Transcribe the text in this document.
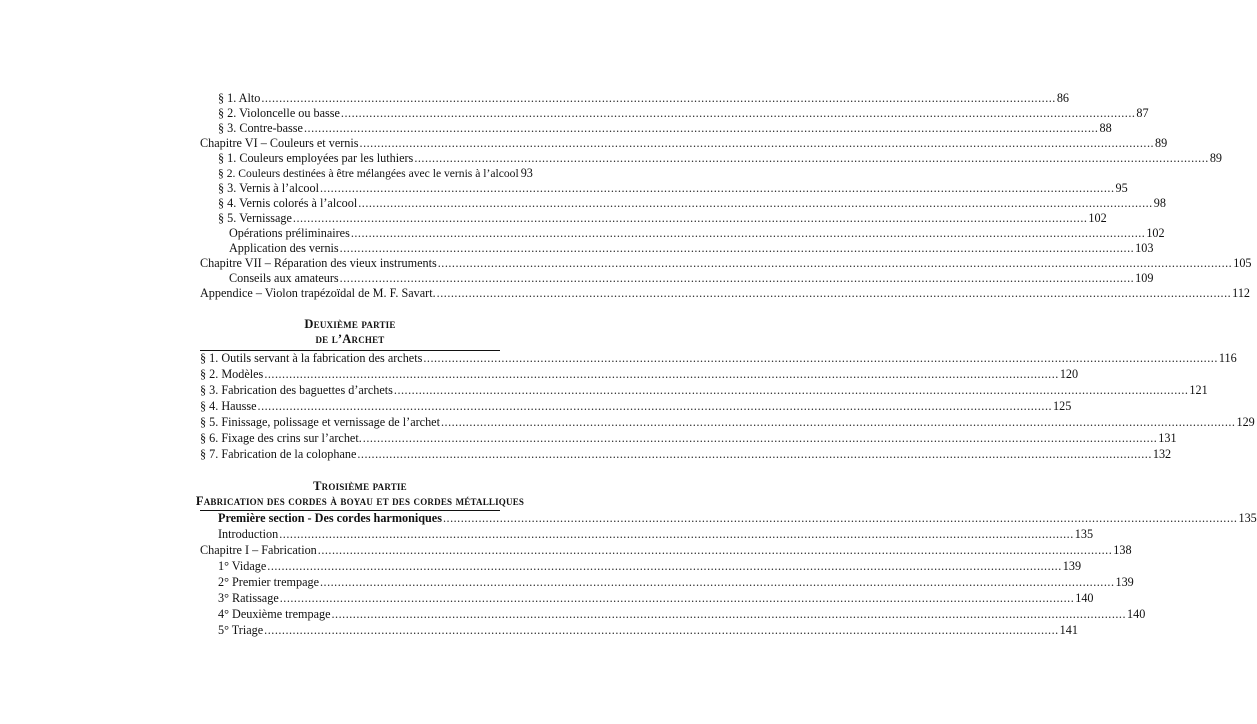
§ 1. Alto .....	86
§ 2. Violoncelle ou basse .....	87
§ 3. Contre-basse .....	88
Chapitre VI – Couleurs et vernis .....	89
§ 1. Couleurs employées par les luthiers .....	89
§ 2. Couleurs destinées à être mélangées avec le vernis à l’alcool 93
§ 3. Vernis à l’alcool .....	95
§ 4. Vernis colorés à l’alcool .....	98
§ 5. Vernissage .....	102
Opérations préliminaires .....	102
Application des vernis .....	103
Chapitre VII – Réparation des vieux instruments .....	105
Conseils aux amateurs .....	109
Appendice – Violon trapézoïdal de M. F. Savart. .....	112
Deuxième partie
de l’Archet
§ 1. Outils servant à la fabrication des archets .....	116
§ 2. Modèles .....	120
§ 3. Fabrication des baguettes d’archets .....	121
§ 4. Hausse .....	125
§ 5. Finissage, polissage et vernissage de l’archet .....	129
§ 6. Fixage des crins sur l’archet. .....	131
§ 7. Fabrication de la colophane .....	132
Troisième partie
Fabrication des cordes à boyau et des cordes métalliques
Première section - Des cordes harmoniques .....	135
Introduction .....	135
Chapitre I – Fabrication .....	138
1° Vidage .....	139
2° Premier trempage .....	139
3° Ratissage .....	140
4° Deuxième trempage .....	140
5° Triage .....	141
